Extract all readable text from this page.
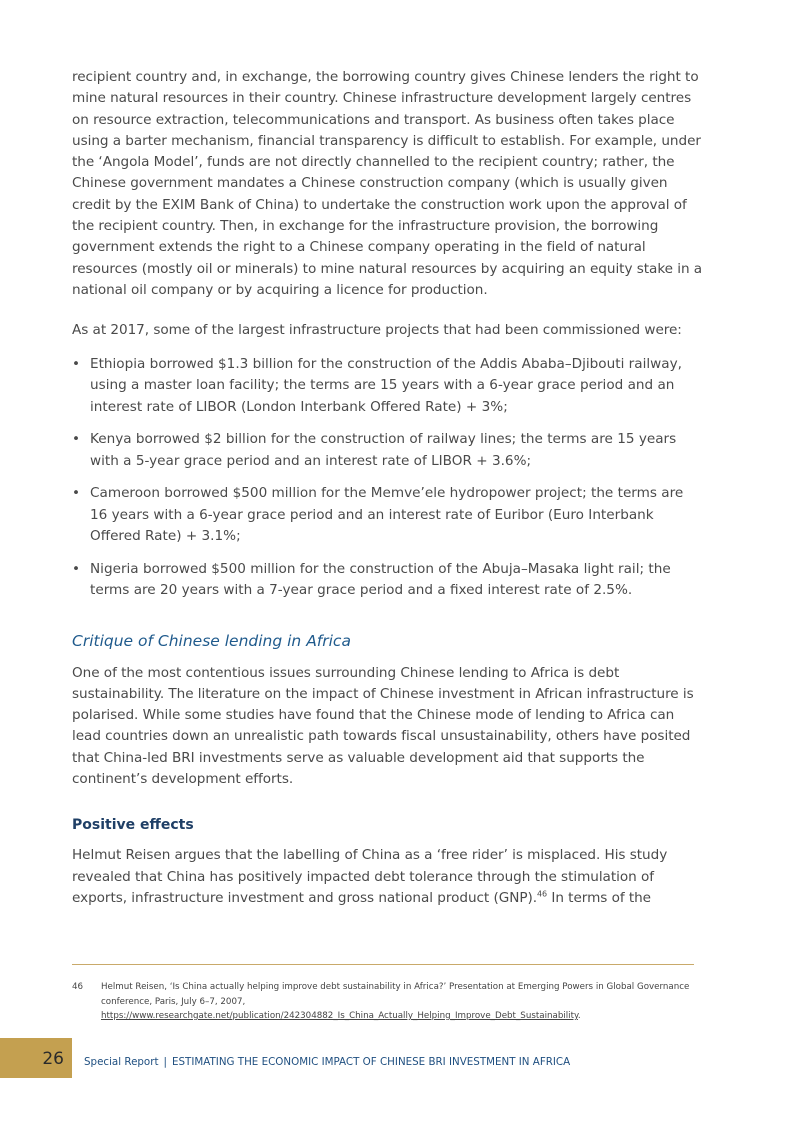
recipient country and, in exchange, the borrowing country gives Chinese lenders the right to mine natural resources in their country. Chinese infrastructure development largely centres on resource extraction, telecommunications and transport. As business often takes place using a barter mechanism, financial transparency is difficult to establish. For example, under the ‘Angola Model’, funds are not directly channelled to the recipient country; rather, the Chinese government mandates a Chinese construction company (which is usually given credit by the EXIM Bank of China) to undertake the construction work upon the approval of the recipient country. Then, in exchange for the infrastructure provision, the borrowing government extends the right to a Chinese company operating in the field of natural resources (mostly oil or minerals) to mine natural resources by acquiring an equity stake in a national oil company or by acquiring a licence for production.

As at 2017, some of the largest infrastructure projects that had been commissioned were:

• Ethiopia borrowed $1.3 billion for the construction of the Addis Ababa–Djibouti railway, using a master loan facility; the terms are 15 years with a 6-year grace period and an interest rate of LIBOR (London Interbank Offered Rate) + 3%;
• Kenya borrowed $2 billion for the construction of railway lines; the terms are 15 years with a 5-year grace period and an interest rate of LIBOR + 3.6%;
• Cameroon borrowed $500 million for the Memve’ele hydropower project; the terms are 16 years with a 6-year grace period and an interest rate of Euribor (Euro Interbank Offered Rate) + 3.1%;
• Nigeria borrowed $500 million for the construction of the Abuja–Masaka light rail; the terms are 20 years with a 7-year grace period and a fixed interest rate of 2.5%.
Critique of Chinese lending in Africa

One of the most contentious issues surrounding Chinese lending to Africa is debt sustainability. The literature on the impact of Chinese investment in African infrastructure is polarised. While some studies have found that the Chinese mode of lending to Africa can lead countries down an unrealistic path towards fiscal unsustainability, others have posited that China-led BRI investments serve as valuable development aid that supports the continent’s development efforts.

Positive effects

Helmut Reisen argues that the labelling of China as a ‘free rider’ is misplaced. His study revealed that China has positively impacted debt tolerance through the stimulation of exports, infrastructure investment and gross national product (GNP).$^{46}$ In terms of the

46 Helmut Reisen, ‘Is China actually helping improve debt sustainability in Africa?’ Presentation at Emerging Powers in Global Governance conference, Paris, July 6–7, 2007, https://www.researchgate.net/publication/242304882_Is_China_Actually_Helping_Improve_Debt_Sustainability.
26 Special Report | ESTIMATING THE ECONOMIC IMPACT OF CHINESE BRI INVESTMENT IN AFRICA
